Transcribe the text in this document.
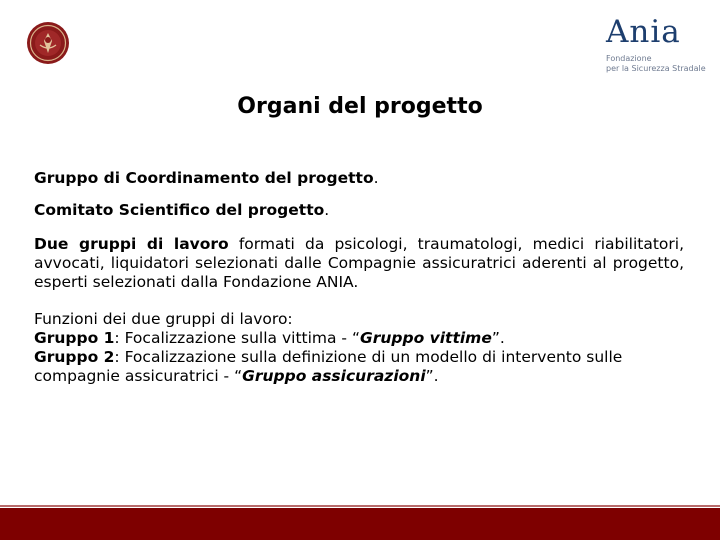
Ania
Fondazione
per la Sicurezza Stradale
Organi del progetto
Gruppo di Coordinamento del progetto.
Comitato Scientifico del progetto.
Due gruppi di lavoro formati da psicologi, traumatologi, medici riabilitatori, avvocati, liquidatori selezionati dalle Compagnie assicuratrici aderenti al progetto, esperti selezionati dalla Fondazione ANIA.
Funzioni dei due gruppi di lavoro:
Gruppo 1: Focalizzazione sulla vittima - “Gruppo vittime”.
Gruppo 2: Focalizzazione sulla definizione di un modello di intervento sulle compagnie assicuratrici - “Gruppo assicurazioni”.
